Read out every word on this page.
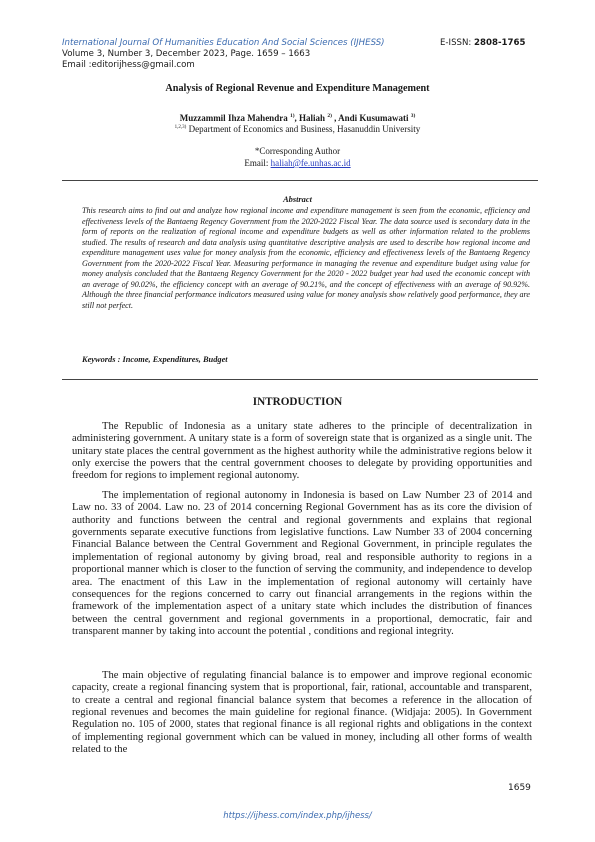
International Journal Of Humanities Education And Social Sciences (IJHESS)	E-ISSN: 2808-1765
Volume 3, Number 3, December 2023, Page. 1659 – 1663
Email :editorijhess@gmail.com
Analysis of Regional Revenue and Expenditure Management
Muzzammil Ihza Mahendra $^{1)}$, Haliah $^{2)}$ , Andi Kusumawati $^{3)}$
$^{1,2,3)}$ Department of Economics and Business, Hasanuddin University
*Corresponding Author
Email: haliah@fe.unhas.ac.id
Abstract
This research aims to find out and analyze how regional income and expenditure management is seen from the economic, efficiency and effectiveness levels of the Bantaeng Regency Government from the 2020-2022 Fiscal Year. The data source used is secondary data in the form of reports on the realization of regional income and expenditure budgets as well as other information related to the problems studied. The results of research and data analysis using quantitative descriptive analysis are used to describe how regional income and expenditure management uses value for money analysis from the economic, efficiency and effectiveness levels of the Bantaeng Regency Government from the 2020-2022 Fiscal Year. Measuring performance in managing the revenue and expenditure budget using value for money analysis concluded that the Bantaeng Regency Government for the 2020 - 2022 budget year had used the economic concept with an average of 90.02%, the efficiency concept with an average of 90.21%, and the concept of effectiveness with an average of 90.92%. Although the three financial performance indicators measured using value for money analysis show relatively good performance, they are still not perfect.
Keywords : Income, Expenditures, Budget
INTRODUCTION

The Republic of Indonesia as a unitary state adheres to the principle of decentralization in administering government. A unitary state is a form of sovereign state that is organized as a single unit. The unitary state places the central government as the highest authority while the administrative regions below it only exercise the powers that the central government chooses to delegate by providing opportunities and freedom for regions to implement regional autonomy.

The implementation of regional autonomy in Indonesia is based on Law Number 23 of 2014 and Law no. 33 of 2004. Law no. 23 of 2014 concerning Regional Government has as its core the division of authority and functions between the central and regional governments and explains that regional governments separate executive functions from legislative functions. Law Number 33 of 2004 concerning Financial Balance between the Central Government and Regional Government, in principle regulates the implementation of regional autonomy by giving broad, real and responsible authority to regions in a proportional manner which is closer to the function of serving the community, and independence to develop area. The enactment of this Law in the implementation of regional autonomy will certainly have consequences for the regions concerned to carry out financial arrangements in the regions within the framework of the implementation aspect of a unitary state which includes the distribution of finances between the central government and regional governments in a proportional, democratic, fair and transparent manner by taking into account the potential , conditions and regional integrity.

The main objective of regulating financial balance is to empower and improve regional economic capacity, create a regional financing system that is proportional, fair, rational, accountable and transparent, to create a central and regional financial balance system that becomes a reference in the allocation of regional revenues and becomes the main guideline for regional finance. (Widjaja: 2005). In Government Regulation no. 105 of 2000, states that regional finance is all regional rights and obligations in the context of implementing regional government which can be valued in money, including all other forms of wealth related to the

1659
https://ijhess.com/index.php/ijhess/
